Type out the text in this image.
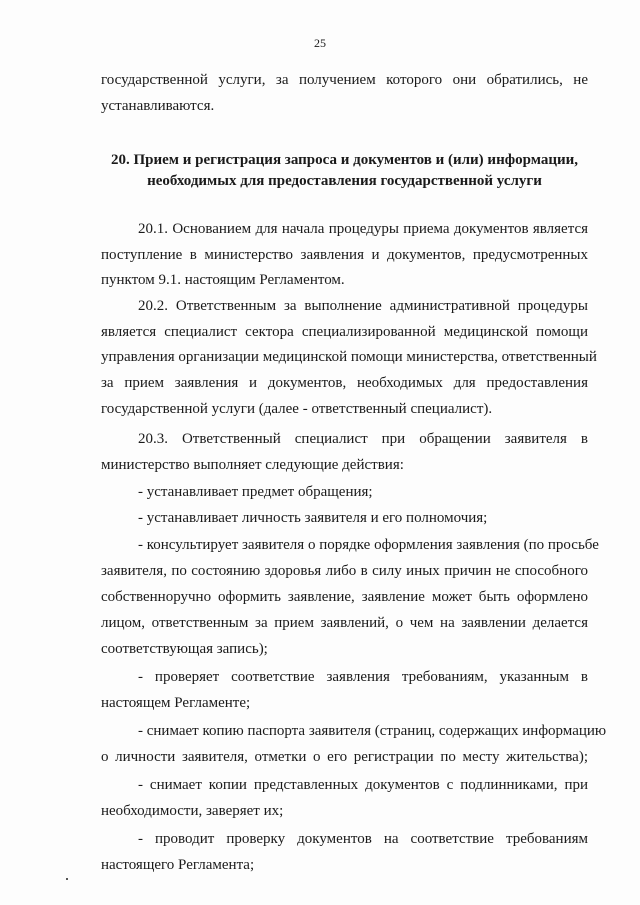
25
государственной услуги, за получением которого они обратились, не
устанавливаются.
20. Прием и регистрация запроса и документов и (или) информации,
необходимых для предоставления государственной услуги
20.1. Основанием для начала процедуры приема документов является
поступление в министерство заявления и документов, предусмотренных
пунктом 9.1. настоящим Регламентом.
20.2. Ответственным за выполнение административной процедуры
является специалист сектора специализированной медицинской помощи
управления организации медицинской помощи министерства, ответственный
за прием заявления и документов, необходимых для предоставления
государственной услуги (далее - ответственный специалист).
20.3. Ответственный специалист при обращении заявителя в
министерство выполняет следующие действия:
- устанавливает предмет обращения;
- устанавливает личность заявителя и его полномочия;
- консультирует заявителя о порядке оформления заявления (по просьбе
заявителя, по состоянию здоровья либо в силу иных причин не способного
собственноручно оформить заявление, заявление может быть оформлено
лицом, ответственным за прием заявлений, о чем на заявлении делается
соответствующая запись);
- проверяет соответствие заявления требованиям, указанным в
настоящем Регламенте;
- снимает копию паспорта заявителя (страниц, содержащих информацию
о личности заявителя, отметки о его регистрации по месту жительства);
- снимает копии представленных документов с подлинниками, при
необходимости, заверяет их;
- проводит проверку документов на соответствие требованиям
настоящего Регламента;
